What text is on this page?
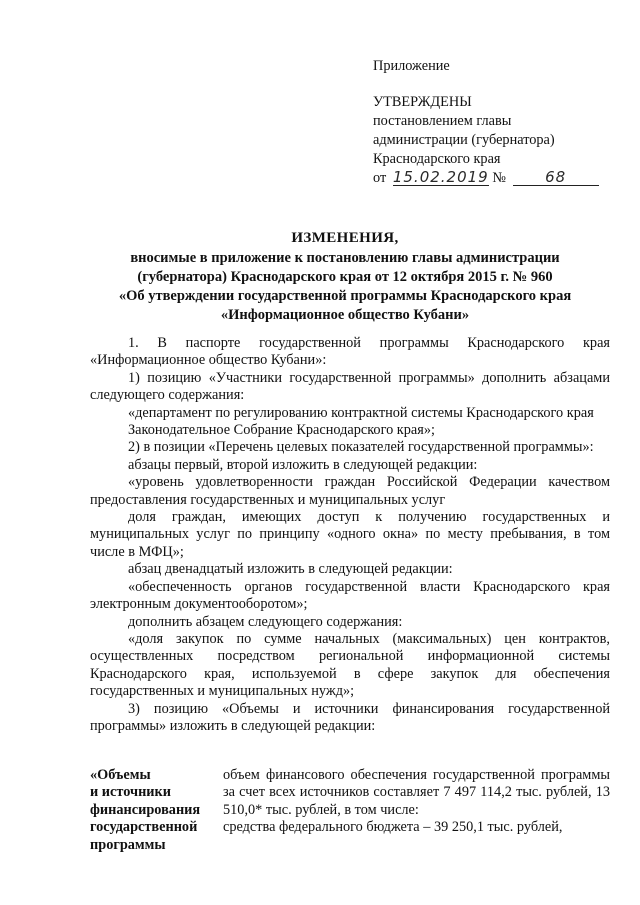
Приложение
УТВЕРЖДЕНЫ
постановлением главы
администрации (губернатора)
Краснодарского края
от 15.02.2019 №	68
ИЗМЕНЕНИЯ,
вносимые в приложение к постановлению главы администрации
(губернатора) Краснодарского края от 12 октября 2015 г. № 960
«Об утверждении государственной программы Краснодарского края
«Информационное общество Кубани»
1. В паспорте государственной программы Краснодарского края «Информационное общество Кубани»:
1) позицию «Участники государственной программы» дополнить абзацами следующего содержания:
«департамент по регулированию контрактной системы Краснодарского края
Законодательное Собрание Краснодарского края»;
2) в позиции «Перечень целевых показателей государственной программы»:
абзацы первый, второй изложить в следующей редакции:
«уровень удовлетворенности граждан Российской Федерации качеством предоставления государственных и муниципальных услуг
доля граждан, имеющих доступ к получению государственных и муниципальных услуг по принципу «одного окна» по месту пребывания, в том числе в МФЦ»;
абзац двенадцатый изложить в следующей редакции:
«обеспеченность органов государственной власти Краснодарского края электронным документооборотом»;
дополнить абзацем следующего содержания:
«доля закупок по сумме начальных (максимальных) цен контрактов, осуществленных посредством региональной информационной системы Краснодарского края, используемой в сфере закупок для обеспечения государственных и муниципальных нужд»;
3) позицию «Объемы и источники финансирования государственной программы» изложить в следующей редакции:
«Объемы
и источники
финансирования
государственной
программы
объем финансового обеспечения государственной программы за счет всех источников составляет 7 497 114,2 тыс. рублей, 13 510,0* тыс. рублей, в том числе:
средства федерального бюджета – 39 250,1 тыс. рублей,
